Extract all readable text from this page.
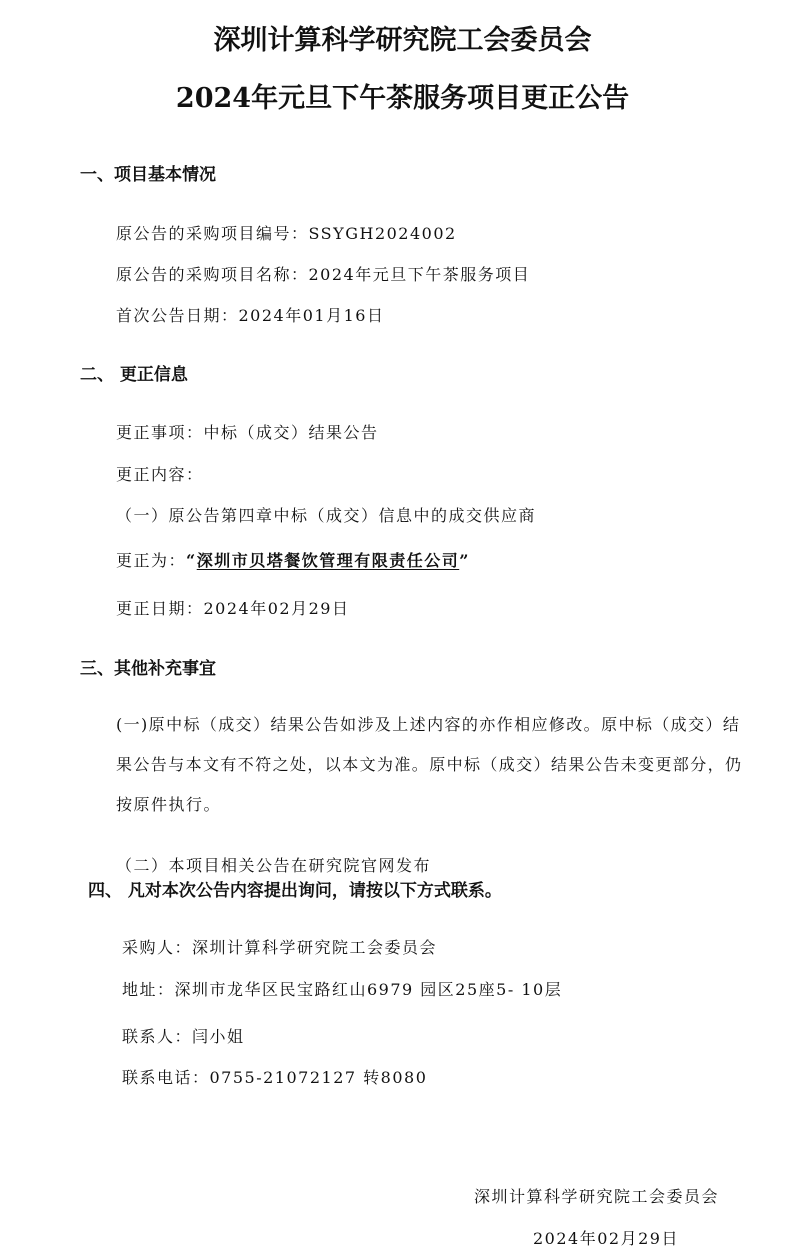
深圳计算科学研究院工会委员会
2024年元旦下午茶服务项目更正公告
一、项目基本情况
原公告的采购项目编号：SSYGH2024002
原公告的采购项目名称：2024年元旦下午茶服务项目
首次公告日期：2024年01月16日
二、 更正信息
更正事项：中标（成交）结果公告
更正内容：
（一）原公告第四章中标（成交）信息中的成交供应商
更正为：“深圳市贝塔餐饮管理有限责任公司”
更正日期：2024年02月29日
三、其他补充事宜
(一)原中标（成交）结果公告如涉及上述内容的亦作相应修改。原中标（成交）结
果公告与本文有不符之处，以本文为准。原中标（成交）结果公告未变更部分，仍
按原件执行。
（二）本项目相关公告在研究院官网发布
四、 凡对本次公告内容提出询问，请按以下方式联系。
采购人：深圳计算科学研究院工会委员会
地址：深圳市龙华区民宝路红山6979 园区25座5- 10层
联系人：闫小姐
联系电话：0755-21072127 转8080
深圳计算科学研究院工会委员会
2024年02月29日
